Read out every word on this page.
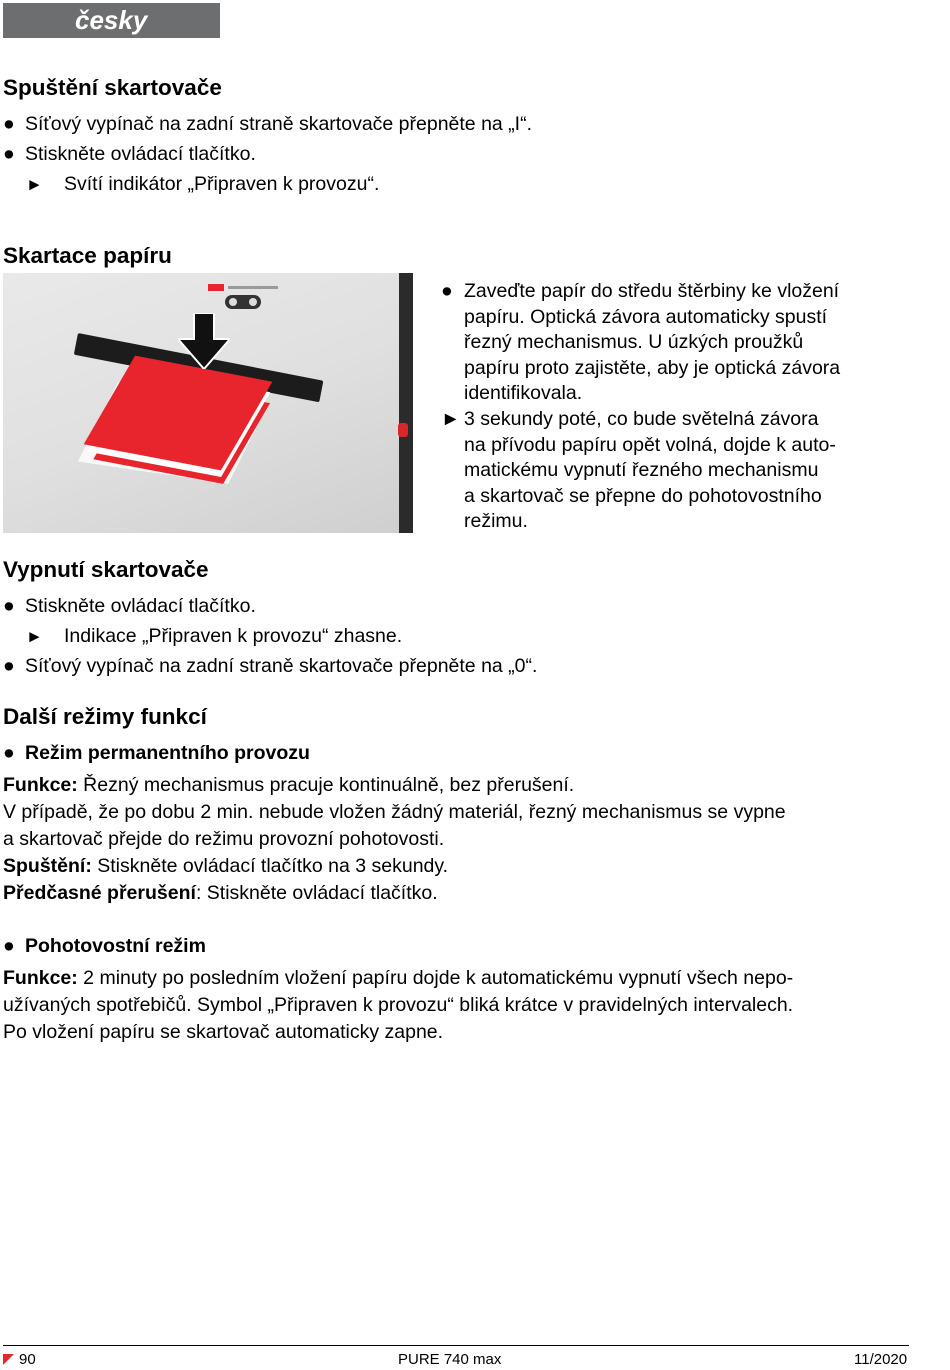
česky
Spuštění skartovače
● Síťový vypínač na zadní straně skartovače přepněte na „I“.
● Stiskněte ovládací tlačítko.
► Svítí indikátor „Připraven k provozu“.
Skartace papíru
● Zaveďte papír do středu štěrbiny ke vložení
papíru. Optická závora automaticky spustí
řezný mechanismus. U úzkých proužků
papíru proto zajistěte, aby je optická závora
identifikovala.
► 3 sekundy poté, co bude světelná závora
na přívodu papíru opět volná, dojde k auto-
matickému vypnutí řezného mechanismu
a skartovač se přepne do pohotovostního
režimu.
Vypnutí skartovače
● Stiskněte ovládací tlačítko.
► Indikace „Připraven k provozu“ zhasne.
● Síťový vypínač na zadní straně skartovače přepněte na „0“.
Další režimy funkcí
● Režim permanentního provozu
Funkce: Řezný mechanismus pracuje kontinuálně, bez přerušení.
V případě, že po dobu 2 min. nebude vložen žádný materiál, řezný mechanismus se vypne
a skartovač přejde do režimu provozní pohotovosti.
Spuštění: Stiskněte ovládací tlačítko na 3 sekundy.
Předčasné přerušení: Stiskněte ovládací tlačítko.
● Pohotovostní režim
Funkce: 2 minuty po posledním vložení papíru dojde k automatickému vypnutí všech nepo-
užívaných spotřebičů. Symbol „Připraven k provozu“ bliká krátce v pravidelných intervalech.
Po vložení papíru se skartovač automaticky zapne.
90	PURE 740 max	11/2020
